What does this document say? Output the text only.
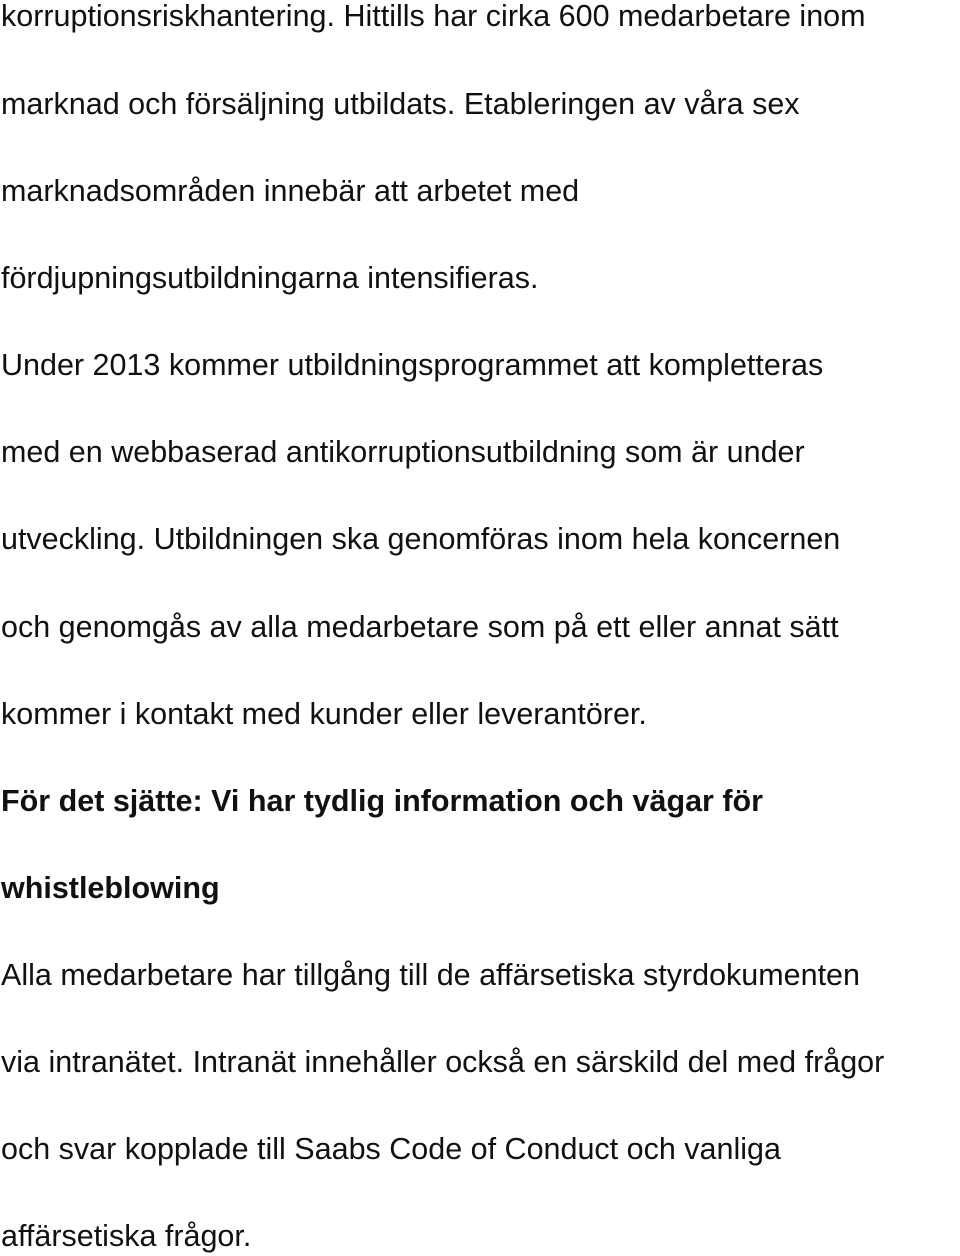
korruptionsriskhantering. Hittills har cirka 600 medarbetare inom
marknad och försäljning utbildats. Etableringen av våra sex
marknadsområden innebär att arbetet med
fördjupningsutbildningarna intensifieras.
Under 2013 kommer utbildningsprogrammet att kompletteras
med en webbaserad antikorruptionsutbildning som är under
utveckling. Utbildningen ska genomföras inom hela koncernen
och genomgås av alla medarbetare som på ett eller annat sätt
kommer i kontakt med kunder eller leverantörer.
För det sjätte: Vi har tydlig information och vägar för
whistleblowing
Alla medarbetare har tillgång till de affärsetiska styrdokumenten
via intranätet. Intranät innehåller också en särskild del med frågor
och svar kopplade till Saabs Code of Conduct och vanliga
affärsetiska frågor.
